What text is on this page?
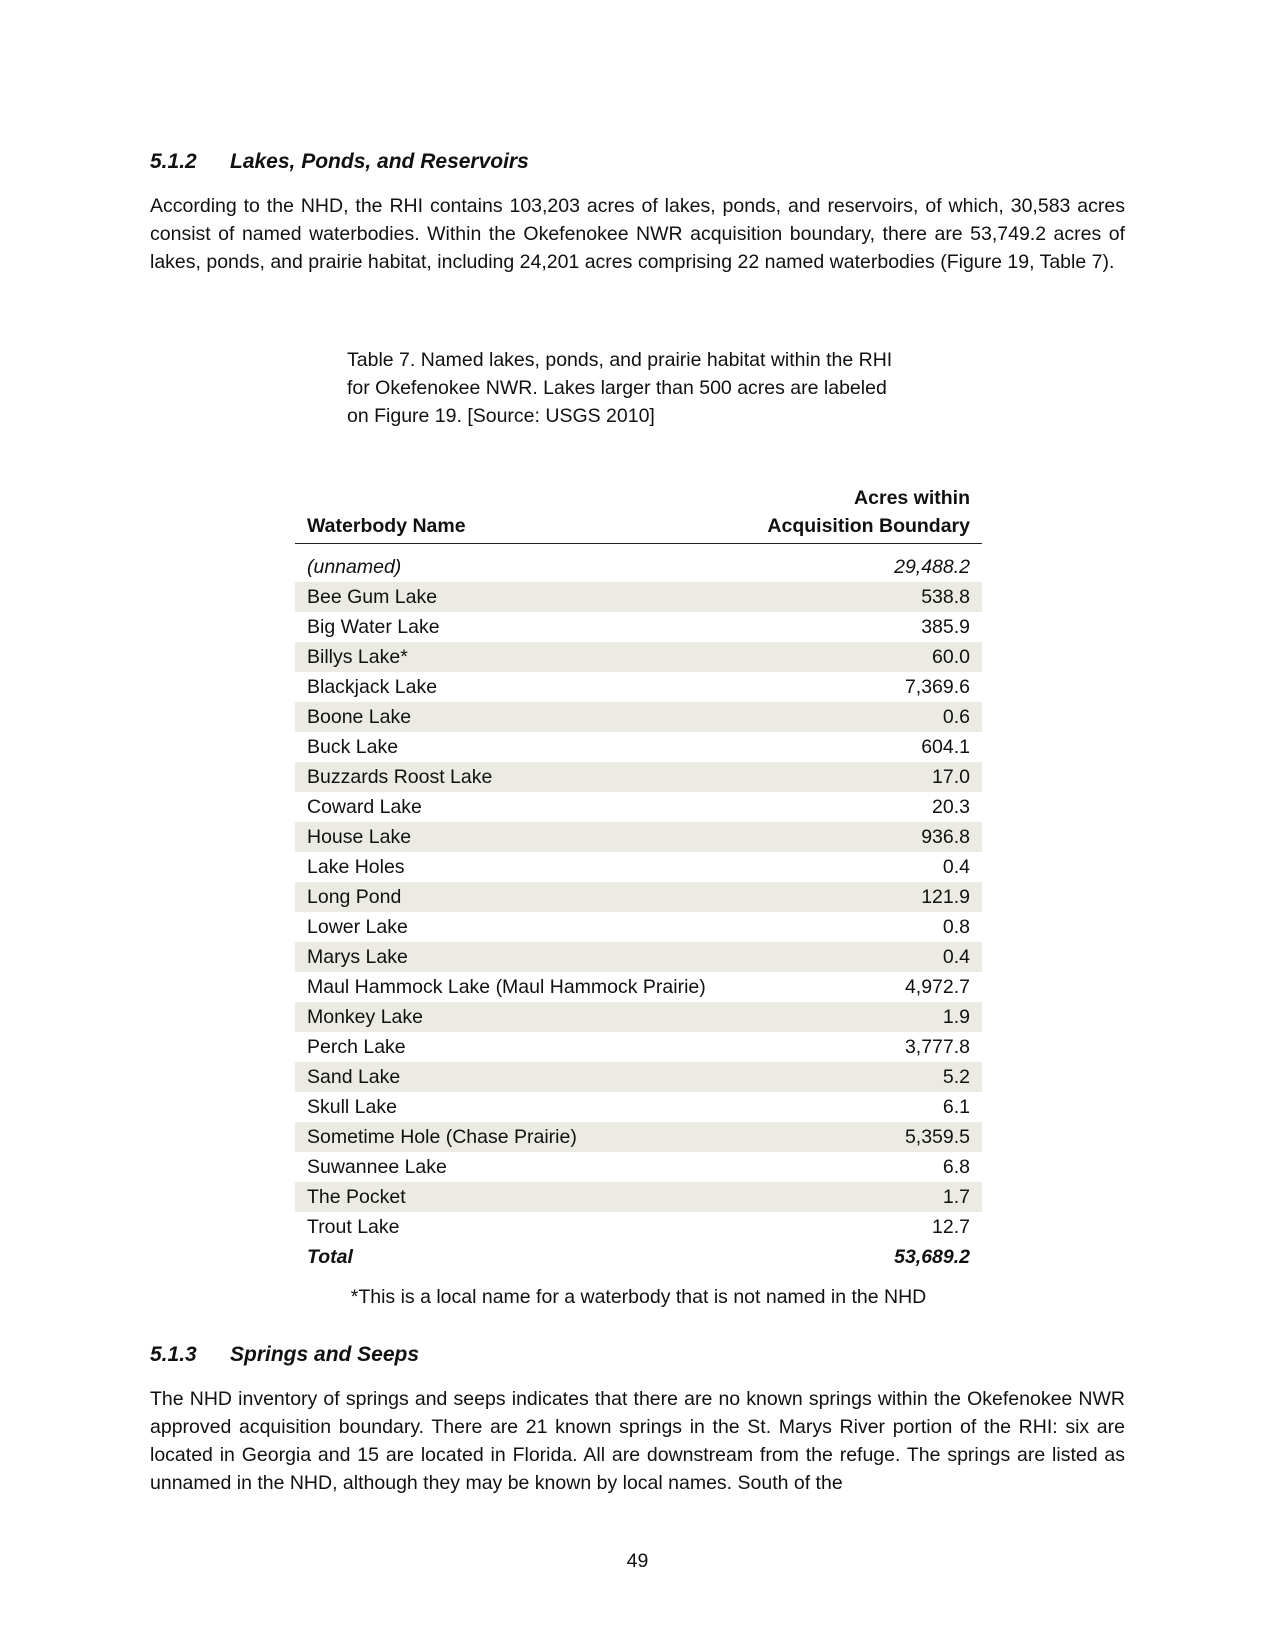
5.1.2 Lakes, Ponds, and Reservoirs

According to the NHD, the RHI contains 103,203 acres of lakes, ponds, and reservoirs, of which, 30,583 acres consist of named waterbodies. Within the Okefenokee NWR acquisition boundary, there are 53,749.2 acres of lakes, ponds, and prairie habitat, including 24,201 acres comprising 22 named waterbodies (Figure 19, Table 7).

Table 7. Named lakes, ponds, and prairie habitat within the RHI
for Okefenokee NWR. Lakes larger than 500 acres are labeled
on Figure 19. [Source: USGS 2010]
Waterbody Name	Acres within
Acquisition Boundary

(unnamed)	29,488.2
Bee Gum Lake	538.8
Big Water Lake	385.9
Billys Lake*	60.0
Blackjack Lake	7,369.6
Boone Lake	0.6
Buck Lake	604.1
Buzzards Roost Lake	17.0
Coward Lake	20.3
House Lake	936.8
Lake Holes	0.4
Long Pond	121.9
Lower Lake	0.8
Marys Lake	0.4
Maul Hammock Lake (Maul Hammock Prairie)	4,972.7
Monkey Lake	1.9
Perch Lake	3,777.8
Sand Lake	5.2
Skull Lake	6.1
Sometime Hole (Chase Prairie)	5,359.5
Suwannee Lake	6.8
The Pocket	1.7
Trout Lake	12.7
Total	53,689.2

*This is a local name for a waterbody that is not named in the NHD

5.1.3 Springs and Seeps

The NHD inventory of springs and seeps indicates that there are no known springs within the Okefenokee NWR approved acquisition boundary. There are 21 known springs in the St. Marys River portion of the RHI: six are located in Georgia and 15 are located in Florida. All are downstream from the refuge. The springs are listed as unnamed in the NHD, although they may be known by local names. South of the

49
